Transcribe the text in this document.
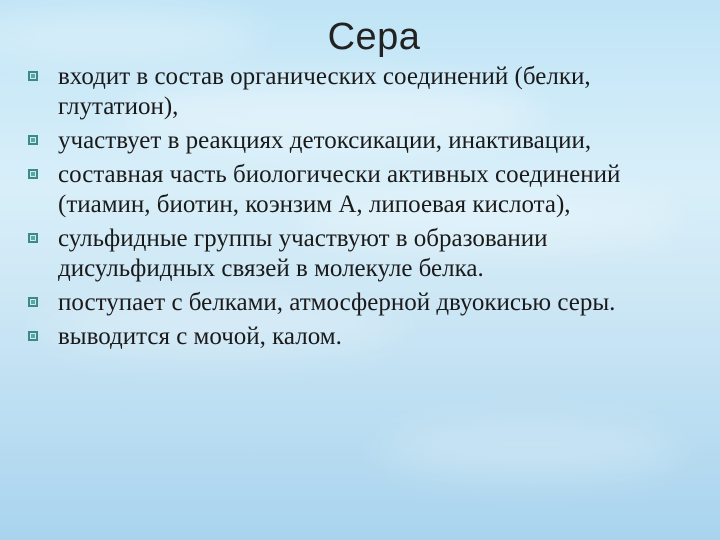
Сера
входит в состав органических соединений (белки, глутатион),
участвует в реакциях детоксикации, инактивации,
составная часть биологически активных соединений (тиамин, биотин, коэнзим А, липоевая кислота),
сульфидные группы участвуют в образовании дисульфидных связей в молекуле белка.
поступает с белками, атмосферной двуокисью серы.
выводится с мочой, калом.
